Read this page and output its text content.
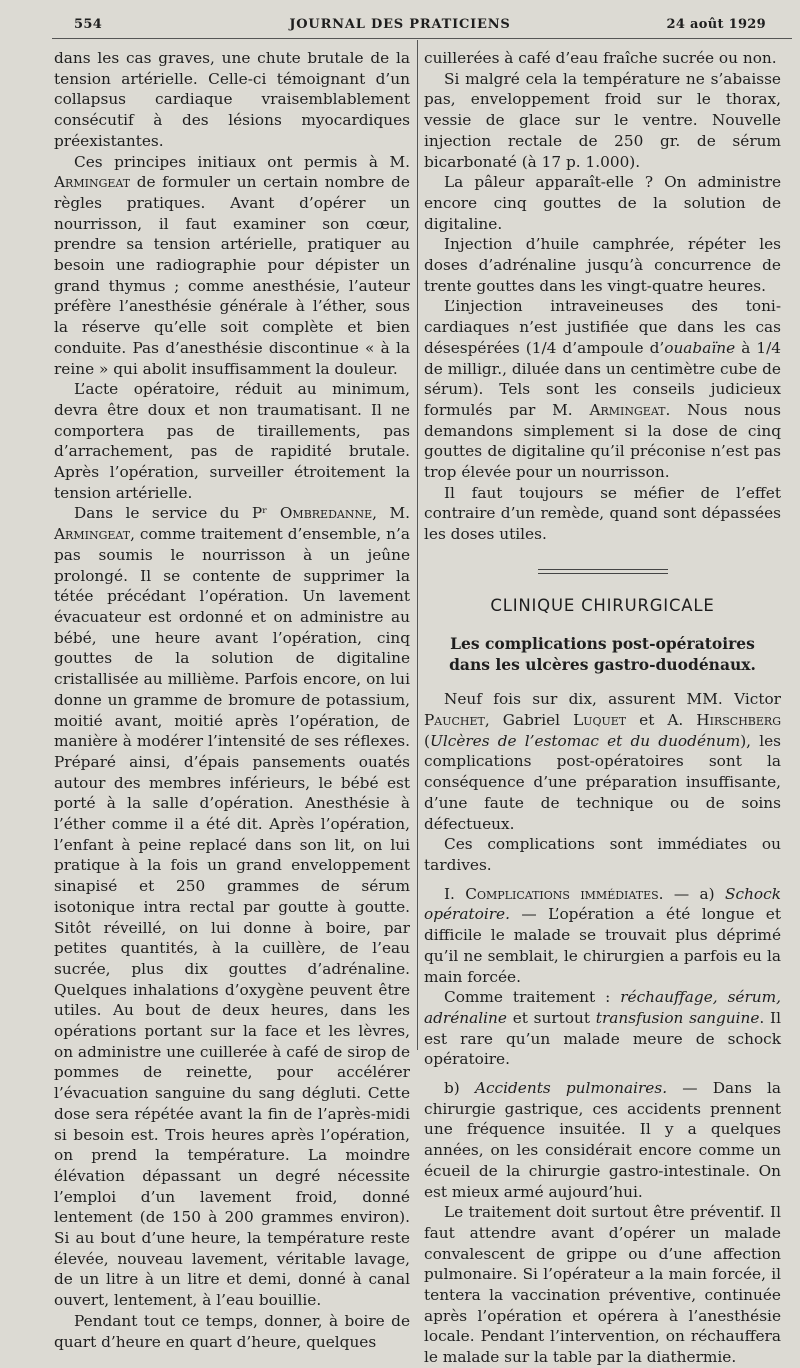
554	JOURNAL DES PRATICIENS	24 août 1929

dans les cas graves, une chute brutale de la tension artérielle. Celle-ci témoignant d’un collapsus cardiaque vraisemblablement consécutif à des lésions myocardiques préexistantes.

Ces principes initiaux ont permis à M. Armingeat de formuler un certain nombre de règles pratiques. Avant d’opérer un nourrisson, il faut examiner son cœur, prendre sa tension artérielle, pratiquer au besoin une radiographie pour dépister un grand thymus ; comme anesthésie, l’auteur préfère l’anesthésie générale à l’éther, sous la réserve qu’elle soit complète et bien conduite. Pas d’anesthésie discontinue « à la reine » qui abolit insuffisamment la douleur.

L’acte opératoire, réduit au minimum, devra être doux et non traumatisant. Il ne comportera pas de tiraillements, pas d’arrachement, pas de rapidité brutale. Après l’opération, surveiller étroitement la tension artérielle.

Dans le service du Pʳ Ombredanne, M. Armingeat, comme traitement d’ensemble, n’a pas soumis le nourrisson à un jeûne prolongé. Il se contente de supprimer la tétée précédant l’opération. Un lavement évacuateur est ordonné et on administre au bébé, une heure avant l’opération, cinq gouttes de la solution de digitaline cristallisée au millième. Parfois encore, on lui donne un gramme de bromure de potassium, moitié avant, moitié après l’opération, de manière à modérer l’intensité de ses réflexes. Préparé ainsi, d’épais pansements ouatés autour des membres inférieurs, le bébé est porté à la salle d’opération. Anesthésie à l’éther comme il a été dit. Après l’opération, l’enfant à peine replacé dans son lit, on lui pratique à la fois un grand enveloppement sinapisé et 250 grammes de sérum isotonique intra rectal par goutte à goutte. Sitôt réveillé, on lui donne à boire, par petites quantités, à la cuillère, de l’eau sucrée, plus dix gouttes d’adrénaline. Quelques inhalations d’oxygène peuvent être utiles. Au bout de deux heures, dans les opérations portant sur la face et les lèvres, on administre une cuillerée à café de sirop de pommes de reinette, pour accélérer l’évacuation sanguine du sang dégluti. Cette dose sera répétée avant la fin de l’après-midi si besoin est. Trois heures après l’opération, on prend la température. La moindre élévation dépassant un degré nécessite l’emploi d’un lavement froid, donné lentement (de 150 à 200 grammes environ). Si au bout d’une heure, la température reste élevée, nouveau lavement, véritable lavage, de un litre à un litre et demi, donné à canal ouvert, lentement, à l’eau bouillie.

Pendant tout ce temps, donner, à boire de quart d’heure en quart d’heure, quelques

cuillerées à café d’eau fraîche sucrée ou non.

Si malgré cela la température ne s’abaisse pas, enveloppement froid sur le thorax, vessie de glace sur le ventre. Nouvelle injection rectale de 250 gr. de sérum bicarbonaté (à 17 p. 1.000).

La pâleur apparaît-elle ? On administre encore cinq gouttes de la solution de digitaline.

Injection d’huile camphrée, répéter les doses d’adrénaline jusqu’à concurrence de trente gouttes dans les vingt-quatre heures.

L’injection intraveineuses des toni-cardiaques n’est justifiée que dans les cas désespérées (1/4 d’ampoule d’ouabaïne à 1/4 de milligr., diluée dans un centimètre cube de sérum). Tels sont les conseils judicieux formulés par M. Armingeat. Nous nous demandons simplement si la dose de cinq gouttes de digitaline qu’il préconise n’est pas trop élevée pour un nourrisson.

Il faut toujours se méfier de l’effet contraire d’un remède, quand sont dépassées les doses utiles.

CLINIQUE CHIRURGICALE
Les complications post-opératoires
dans les ulcères gastro-duodénaux.

Neuf fois sur dix, assurent MM. Victor Pauchet, Gabriel Luquet et A. Hirschberg (Ulcères de l’estomac et du duodénum), les complications post-opératoires sont la conséquence d’une préparation insuffisante, d’une faute de technique ou de soins défectueux.

Ces complications sont immédiates ou tardives.

I. Complications immédiates. — a) Schock opératoire. — L’opération a été longue et difficile le malade se trouvait plus déprimé qu’il ne semblait, le chirurgien a parfois eu la main forcée.

Comme traitement : réchauffage, sérum, adrénaline et surtout transfusion sanguine. Il est rare qu’un malade meure de schock opératoire.

b) Accidents pulmonaires. — Dans la chirurgie gastrique, ces accidents prennent une fréquence insuitée. Il y a quelques années, on les considérait encore comme un écueil de la chirurgie gastro-intestinale. On est mieux armé aujourd’hui.

Le traitement doit surtout être préventif. Il faut attendre avant d’opérer un malade convalescent de grippe ou d’une affection pulmonaire. Si l’opérateur a la main forcée, il tentera la vaccination préventive, continuée après l’opération et opérera à l’anesthésie locale. Pendant l’intervention, on réchauffera le malade sur la table par la diathermie.
